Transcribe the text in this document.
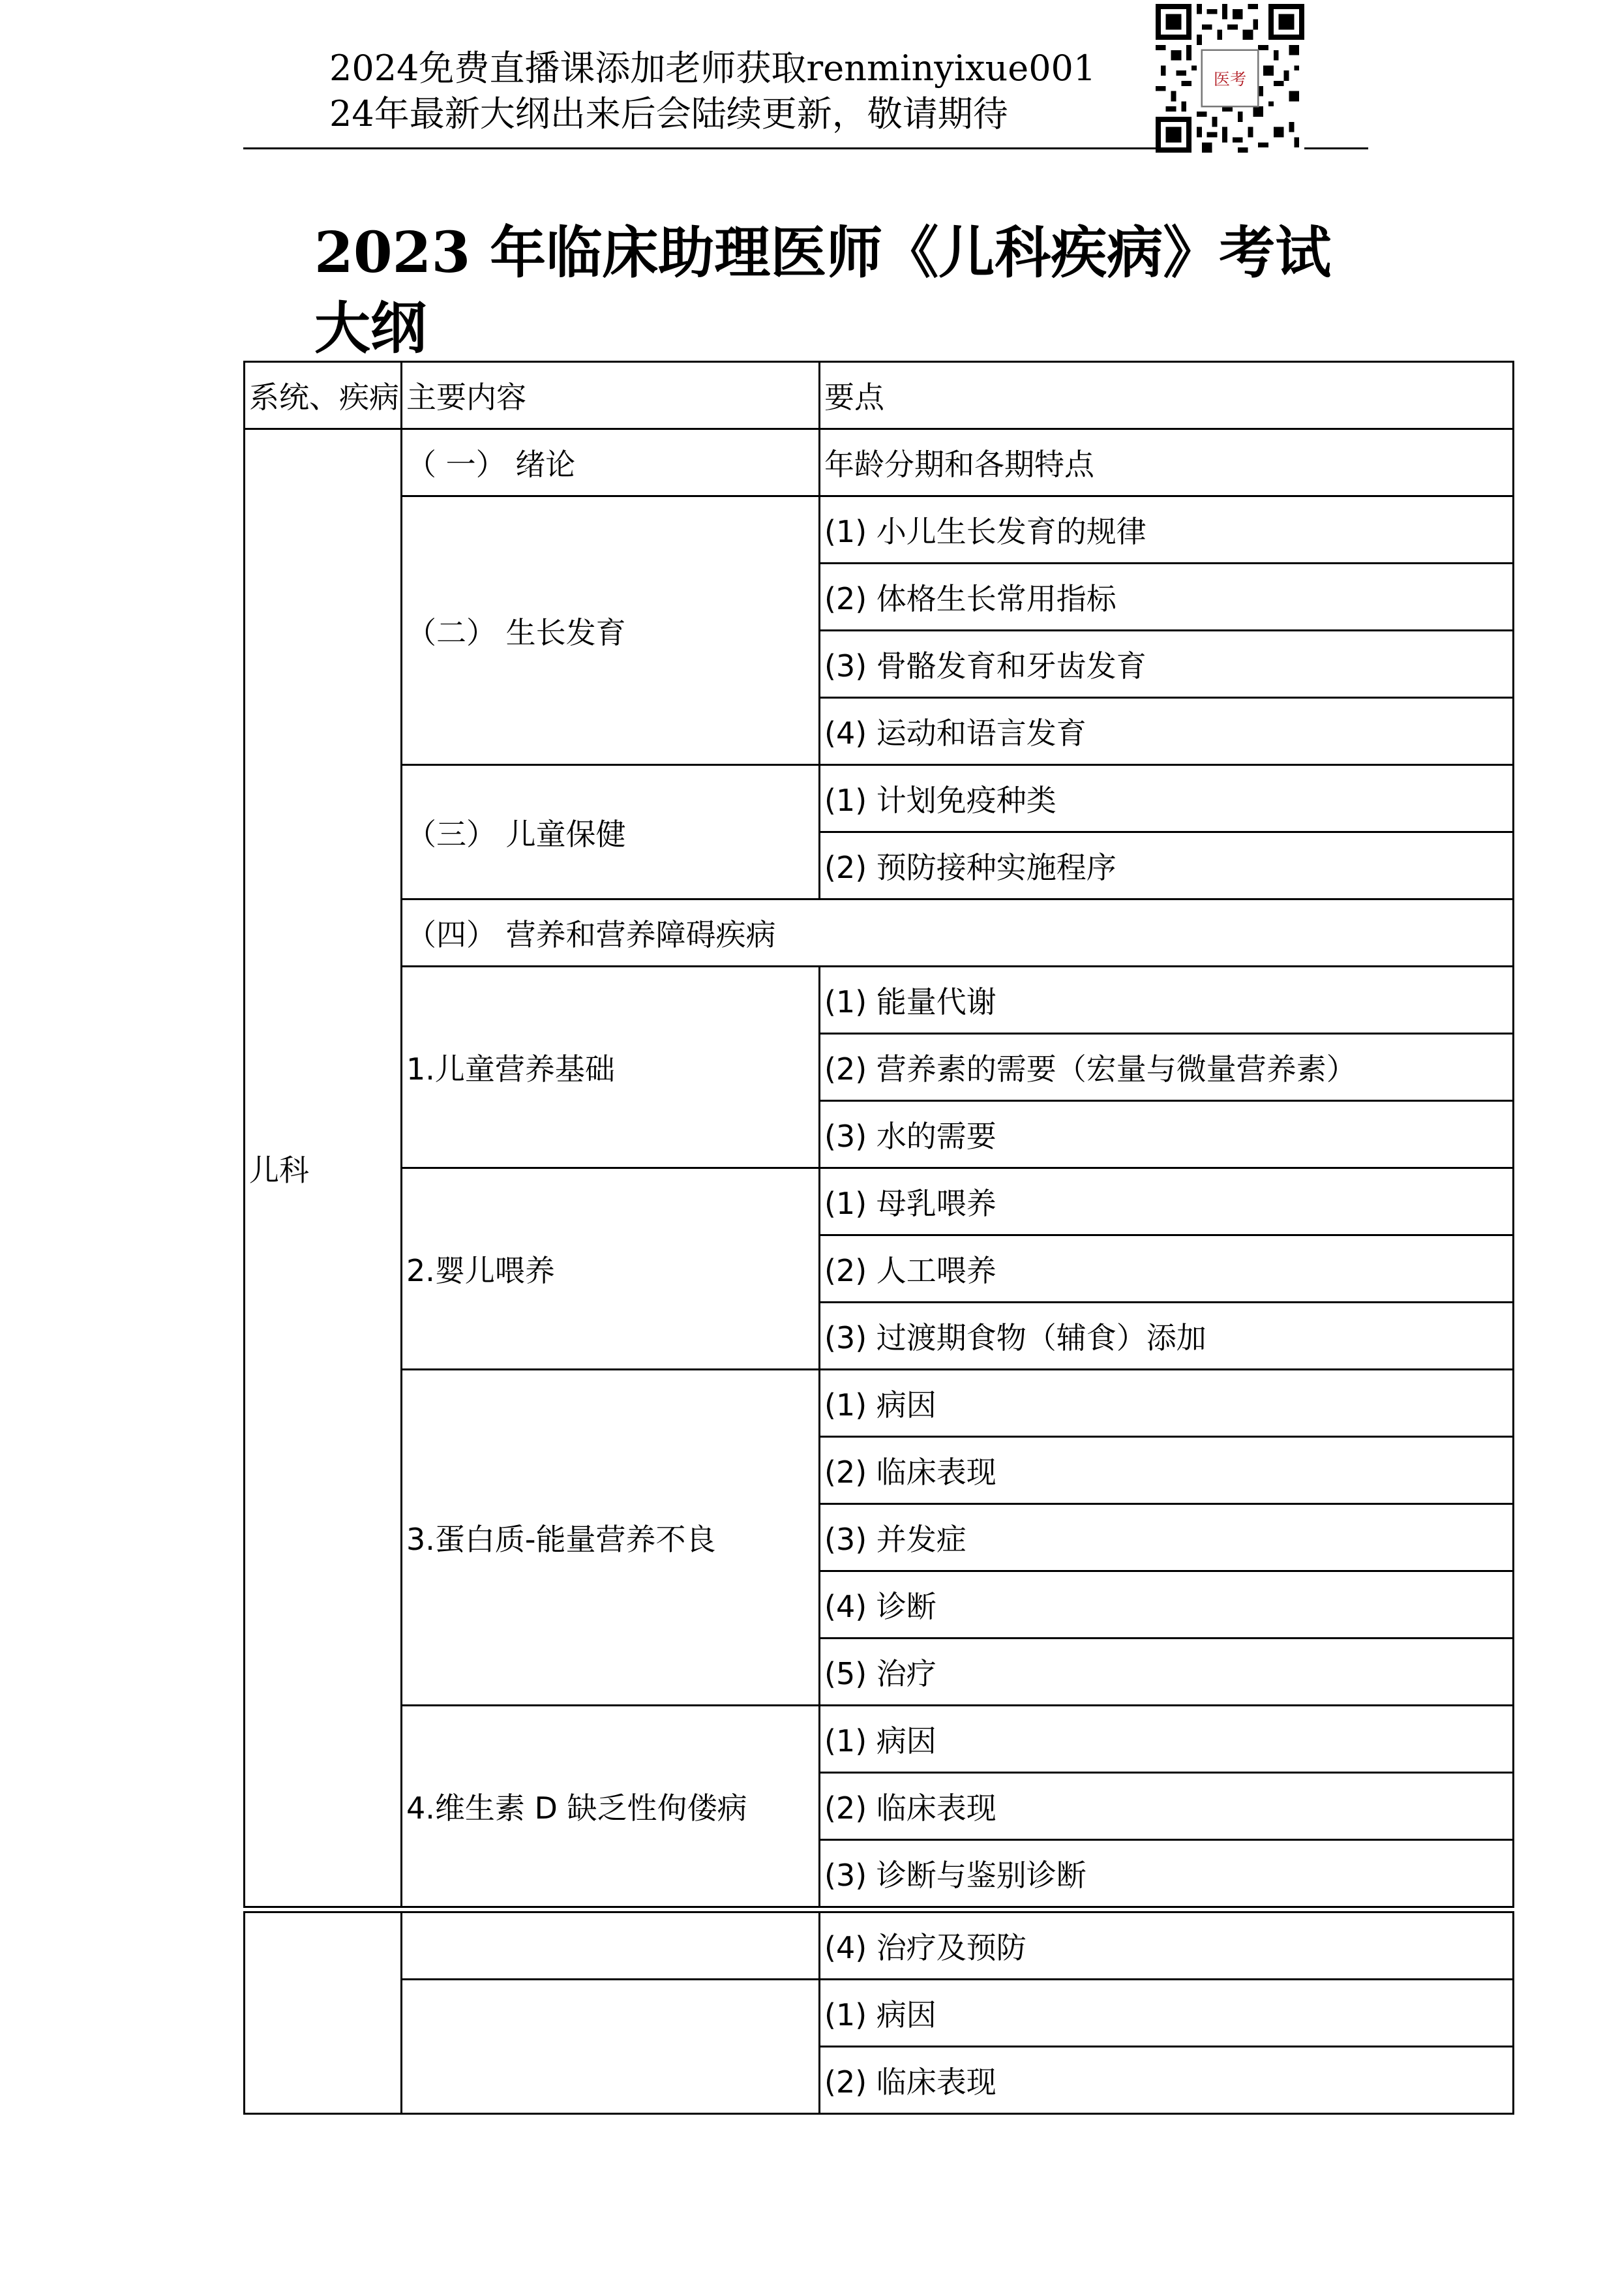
2024免费直播课添加老师获取renminyixue001
24年最新大纲出来后会陆续更新，敬请期待
医考
2023 年临床助理医师《儿科疾病》考试大纲
系统、疾病	主要内容	要点
儿科	（ 一） 绪论	年龄分期和各期特点
	（二） 生长发育	(1) 小儿生长发育的规律
		(2) 体格生长常用指标
		(3) 骨骼发育和牙齿发育
		(4) 运动和语言发育
	（三） 儿童保健	(1) 计划免疫种类
		(2) 预防接种实施程序
	（四） 营养和营养障碍疾病	
	1.儿童营养基础	(1) 能量代谢
		(2) 营养素的需要（宏量与微量营养素）
		(3) 水的需要
	2.婴儿喂养	(1) 母乳喂养
		(2) 人工喂养
		(3) 过渡期食物（辅食）添加
	3.蛋白质-能量营养不良	(1) 病因
		(2) 临床表现
		(3) 并发症
		(4) 诊断
		(5) 治疗
	4.维生素 D 缺乏性佝偻病	(1) 病因
		(2) 临床表现
		(3) 诊断与鉴别诊断
		(4) 治疗及预防
		(1) 病因
		(2) 临床表现
